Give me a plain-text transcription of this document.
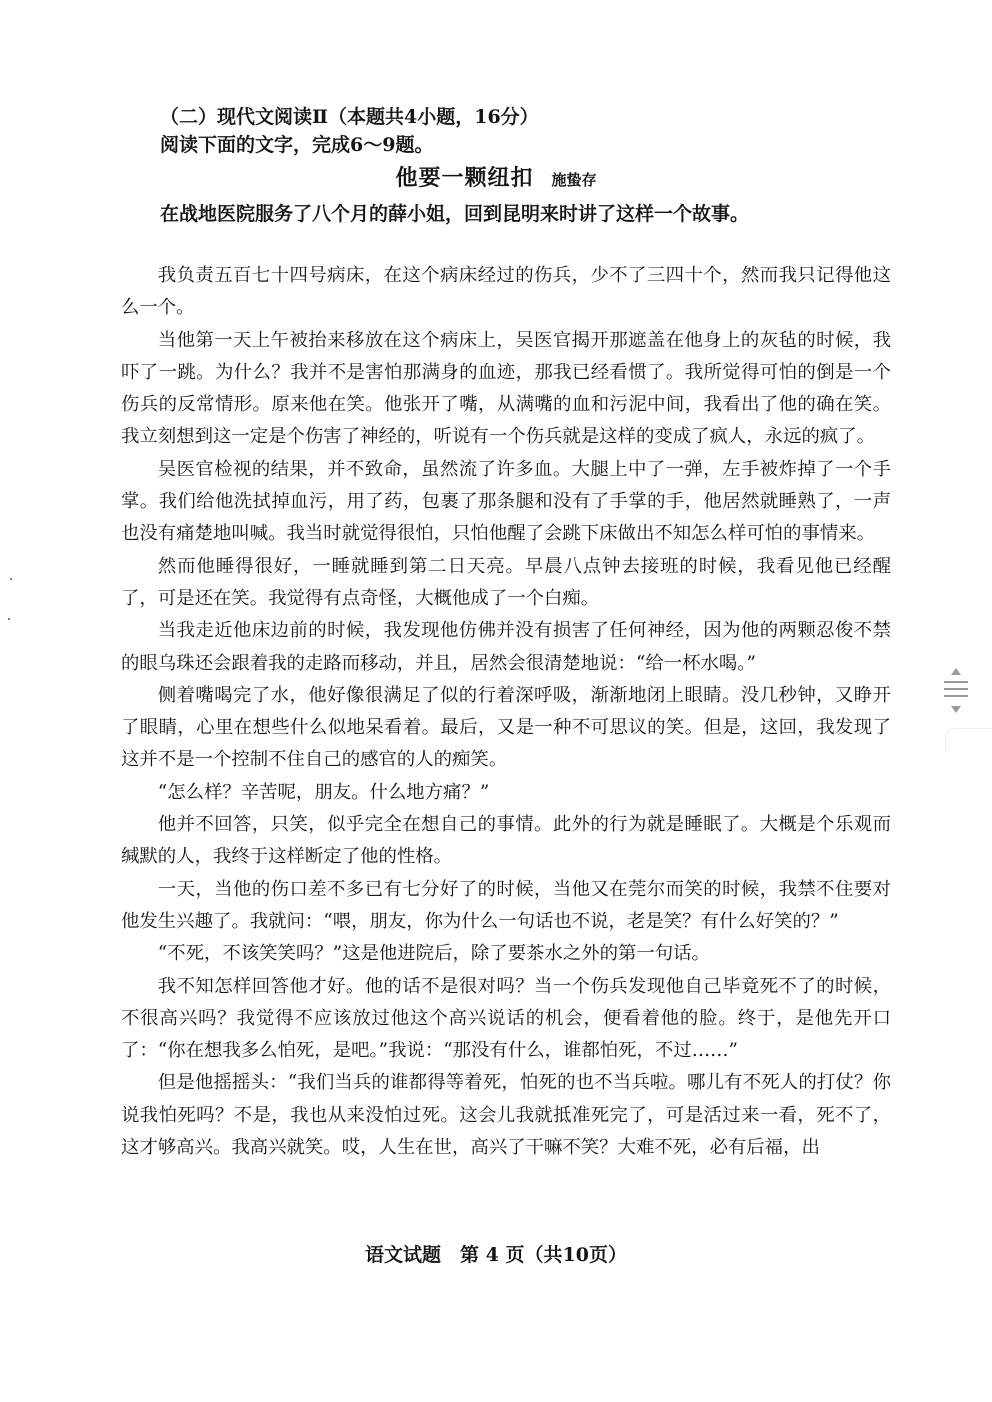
（二）现代文阅读Ⅱ（本题共4小题，16分）
阅读下面的文字，完成6～9题。
他要一颗纽扣 施蛰存
在战地医院服务了八个月的薛小姐，回到昆明来时讲了这样一个故事。

我负责五百七十四号病床，在这个病床经过的伤兵，少不了三四十个，然而我只记得他这么一个。

当他第一天上午被抬来移放在这个病床上，吴医官揭开那遮盖在他身上的灰毡的时候，我吓了一跳。为什么？我并不是害怕那满身的血迹，那我已经看惯了。我所觉得可怕的倒是一个伤兵的反常情形。原来他在笑。他张开了嘴，从满嘴的血和污泥中间，我看出了他的确在笑。我立刻想到这一定是个伤害了神经的，听说有一个伤兵就是这样的变成了疯人，永远的疯了。

吴医官检视的结果，并不致命，虽然流了许多血。大腿上中了一弹，左手被炸掉了一个手掌。我们给他洗拭掉血污，用了药，包裹了那条腿和没有了手掌的手，他居然就睡熟了，一声也没有痛楚地叫喊。我当时就觉得很怕，只怕他醒了会跳下床做出不知怎么样可怕的事情来。

然而他睡得很好，一睡就睡到第二日天亮。早晨八点钟去接班的时候，我看见他已经醒了，可是还在笑。我觉得有点奇怪，大概他成了一个白痴。

当我走近他床边前的时候，我发现他仿佛并没有损害了任何神经，因为他的两颗忍俊不禁的眼乌珠还会跟着我的走路而移动，并且，居然会很清楚地说：“给一杯水喝。”

侧着嘴喝完了水，他好像很满足了似的行着深呼吸，渐渐地闭上眼睛。没几秒钟，又睁开了眼睛，心里在想些什么似地呆看着。最后，又是一种不可思议的笑。但是，这回，我发现了这并不是一个控制不住自己的感官的人的痴笑。

“怎么样？辛苦呢，朋友。什么地方痛？”

他并不回答，只笑，似乎完全在想自己的事情。此外的行为就是睡眠了。大概是个乐观而缄默的人，我终于这样断定了他的性格。

一天，当他的伤口差不多已有七分好了的时候，当他又在莞尔而笑的时候，我禁不住要对他发生兴趣了。我就问：“喂，朋友，你为什么一句话也不说，老是笑？有什么好笑的？”

“不死，不该笑笑吗？”这是他进院后，除了要茶水之外的第一句话。

我不知怎样回答他才好。他的话不是很对吗？当一个伤兵发现他自己毕竟死不了的时候，不很高兴吗？我觉得不应该放过他这个高兴说话的机会，便看着他的脸。终于，是他先开口了：“你在想我多么怕死，是吧。”我说：“那没有什么，谁都怕死，不过……”

但是他摇摇头：“我们当兵的谁都得等着死，怕死的也不当兵啦。哪儿有不死人的打仗？你说我怕死吗？不是，我也从来没怕过死。这会儿我就抵准死完了，可是活过来一看，死不了，这才够高兴。我高兴就笑。哎，人生在世，高兴了干嘛不笑？大难不死，必有后福，出

语文试题　第 4 页（共10页）
